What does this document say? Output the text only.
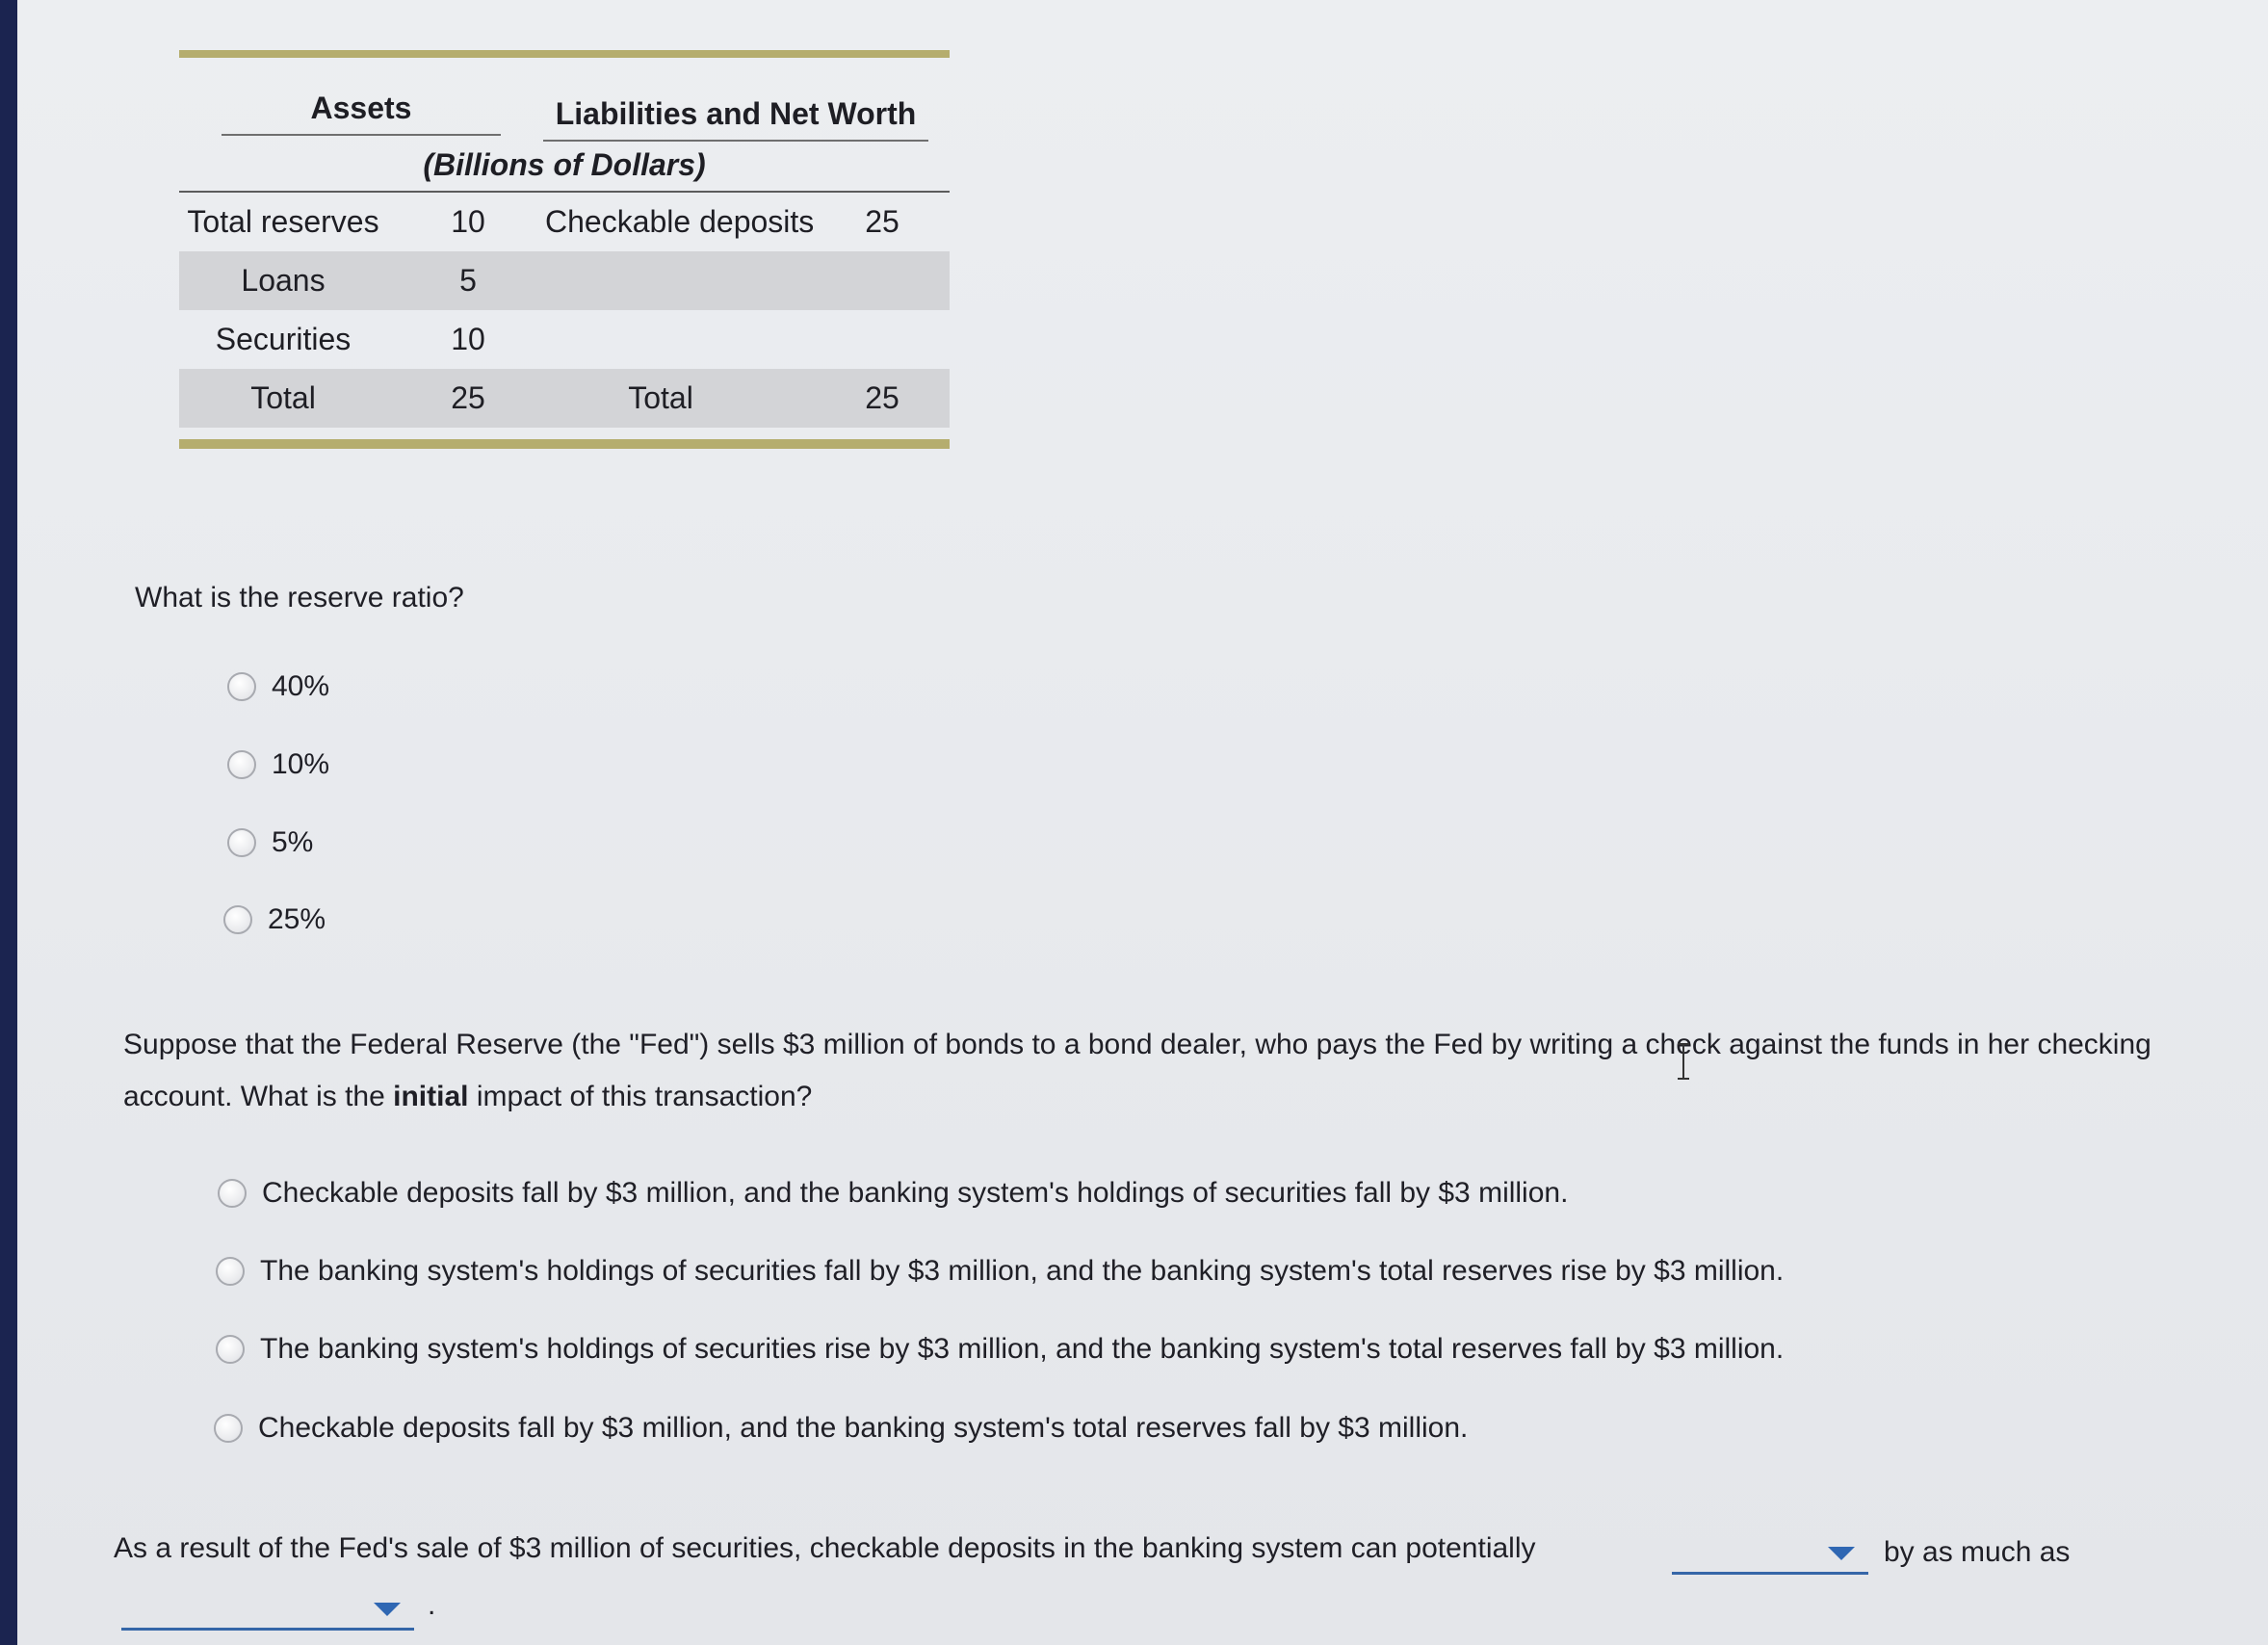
Assets	Liabilities and Net Worth
(Billions of Dollars)
Total reserves	10	Checkable deposits	25
Loans	5
Securities	10
Total	25	Total	25
What is the reserve ratio?
40%
10%
5%
25%
Suppose that the Federal Reserve (the "Fed") sells $3 million of bonds to a bond dealer, who pays the Fed by writing a check against the funds in her checking account. What is the initial impact of this transaction?
Checkable deposits fall by $3 million, and the banking system's holdings of securities fall by $3 million.
The banking system's holdings of securities fall by $3 million, and the banking system's total reserves rise by $3 million.
The banking system's holdings of securities rise by $3 million, and the banking system's total reserves fall by $3 million.
Checkable deposits fall by $3 million, and the banking system's total reserves fall by $3 million.
As a result of the Fed's sale of $3 million of securities, checkable deposits in the banking system can potentially	by as much as
.
